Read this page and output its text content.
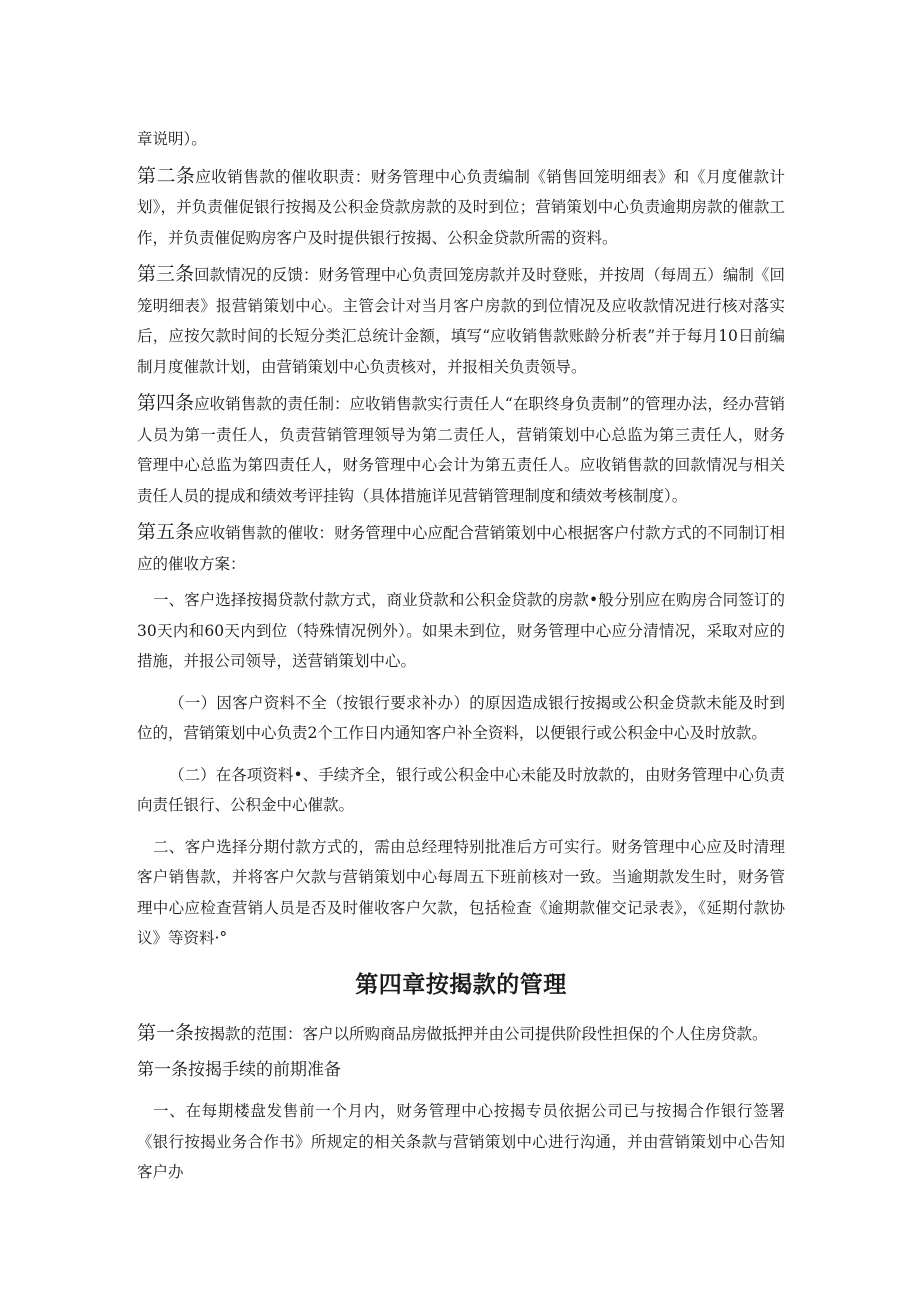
章说明）。

第二条应收销售款的催收职责：财务管理中心负责编制《销售回笼明细表》和《月度催款计划》，并负责催促银行按揭及公积金贷款房款的及时到位；营销策划中心负责逾期房款的催款工作，并负责催促购房客户及时提供银行按揭、公积金贷款所需的资料。

第三条回款情况的反馈：财务管理中心负责回笼房款并及时登账，并按周（每周五）编制《回笼明细表》报营销策划中心。主管会计对当月客户房款的到位情况及应收款情况进行核对落实后，应按欠款时间的长短分类汇总统计金额，填写“应收销售款账龄分析表”并于每月10日前编制月度催款计划，由营销策划中心负责核对，并报相关负责领导。

第四条应收销售款的责任制：应收销售款实行责任人“在职终身负责制”的管理办法，经办营销人员为第一责任人，负责营销管理领导为第二责任人，营销策划中心总监为第三责任人，财务管理中心总监为第四责任人，财务管理中心会计为第五责任人。应收销售款的回款情况与相关责任人员的提成和绩效考评挂钩（具体措施详见营销管理制度和绩效考核制度）。

第五条应收销售款的催收：财务管理中心应配合营销策划中心根据客户付款方式的不同制订相应的催收方案：

一、客户选择按揭贷款付款方式，商业贷款和公积金贷款的房款•般分别应在购房合同签订的30天内和60天内到位（特殊情况例外）。如果未到位，财务管理中心应分清情况，采取对应的措施，并报公司领导，送营销策划中心。

（一）因客户资料不全（按银行要求补办）的原因造成银行按揭或公积金贷款未能及时到位的，营销策划中心负责2个工作日内通知客户补全资料，以便银行或公积金中心及时放款。

（二）在各项资料•、手续齐全，银行或公积金中心未能及时放款的，由财务管理中心负责向责任银行、公积金中心催款。

二、客户选择分期付款方式的，需由总经理特别批准后方可实行。财务管理中心应及时清理客户销售款，并将客户欠款与营销策划中心每周五下班前核对一致。当逾期款发生时，财务管理中心应检查营销人员是否及时催收客户欠款，包括检查《逾期款催交记录表》，《延期付款协议》等资料·°

第四章按揭款的管理

第一条按揭款的范围：客户以所购商品房做抵押并由公司提供阶段性担保的个人住房贷款。

第一条按揭手续的前期准备

一、在每期楼盘发售前一个月内，财务管理中心按揭专员依据公司已与按揭合作银行签署《银行按揭业务合作书》所规定的相关条款与营销策划中心进行沟通，并由营销策划中心告知客户办
